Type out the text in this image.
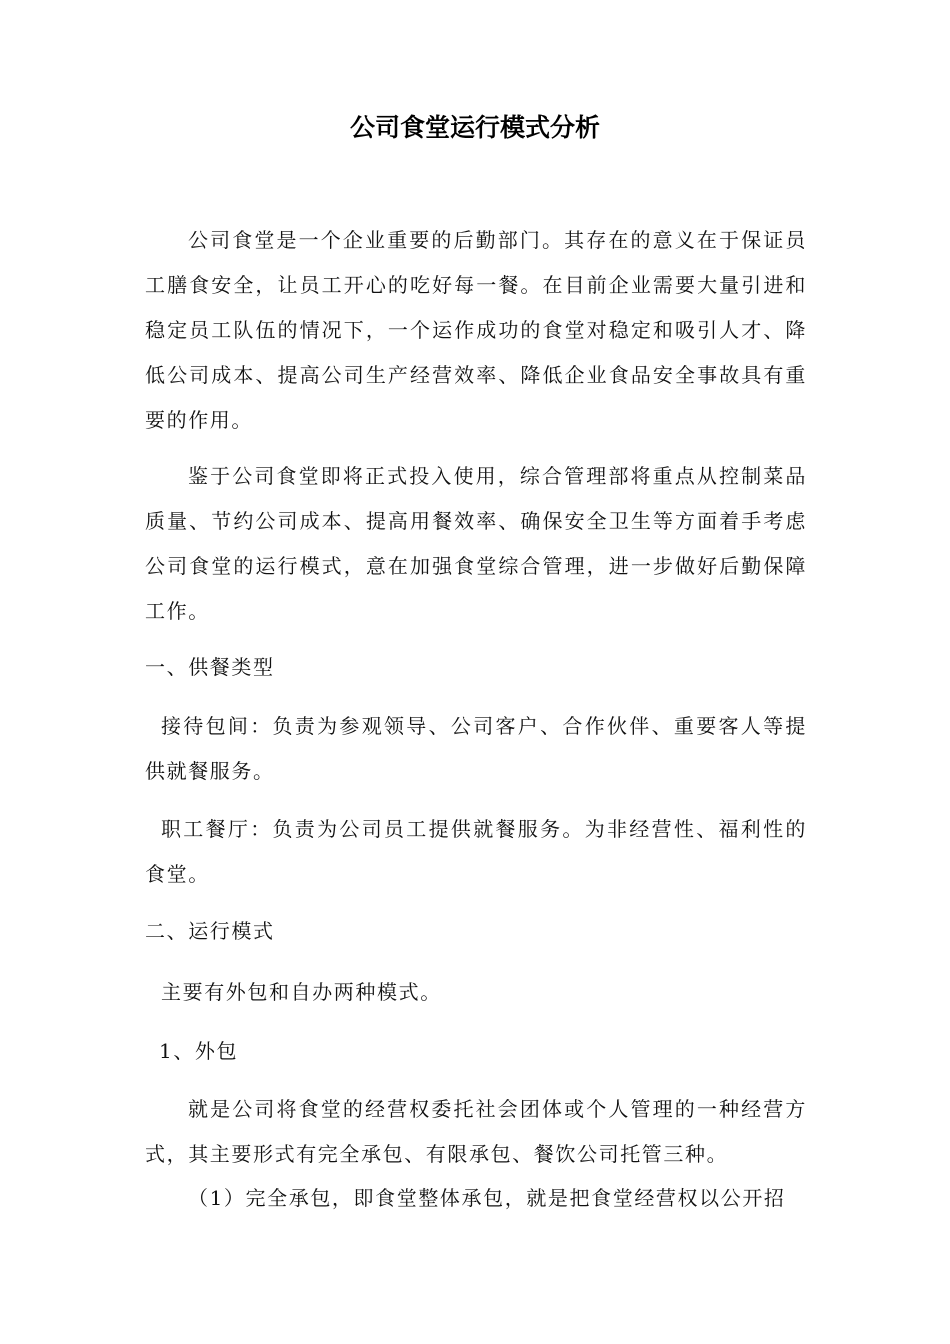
公司食堂运行模式分析

公司食堂是一个企业重要的后勤部门。其存在的意义在于保证员工膳食安全，让员工开心的吃好每一餐。在目前企业需要大量引进和稳定员工队伍的情况下，一个运作成功的食堂对稳定和吸引人才、降低公司成本、提高公司生产经营效率、降低企业食品安全事故具有重要的作用。

鉴于公司食堂即将正式投入使用，综合管理部将重点从控制菜品质量、节约公司成本、提高用餐效率、确保安全卫生等方面着手考虑公司食堂的运行模式，意在加强食堂综合管理，进一步做好后勤保障工作。

一、供餐类型

接待包间：负责为参观领导、公司客户、合作伙伴、重要客人等提供就餐服务。

职工餐厅：负责为公司员工提供就餐服务。为非经营性、福利性的食堂。

二、运行模式

主要有外包和自办两种模式。

1、外包

就是公司将食堂的经营权委托社会团体或个人管理的一种经营方式，其主要形式有完全承包、有限承包、餐饮公司托管三种。

（1）完全承包，即食堂整体承包，就是把食堂经营权以公开招
